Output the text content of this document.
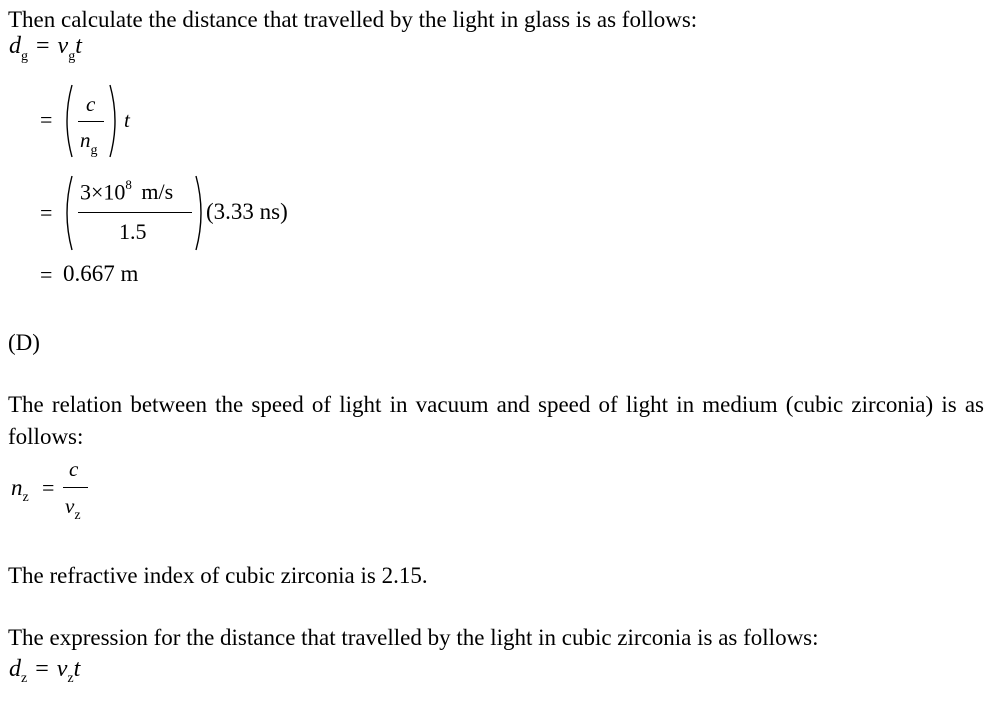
Then calculate the distance that travelled by the light in glass is as follows:

$d_g = v_gt$
=
c
$n_g$
t
=
$3\times 10^8$ m/s
1.5
(3.33 ns)
= 0.667 m

(D)

The relation between the speed of light in vacuum and speed of light in medium (cubic zirconia) is as follows:

$n_z$ =
c
$v_z$

The refractive index of cubic zirconia is 2.15.

The expression for the distance that travelled by the light in cubic zirconia is as follows:

$d_z = v_zt$
